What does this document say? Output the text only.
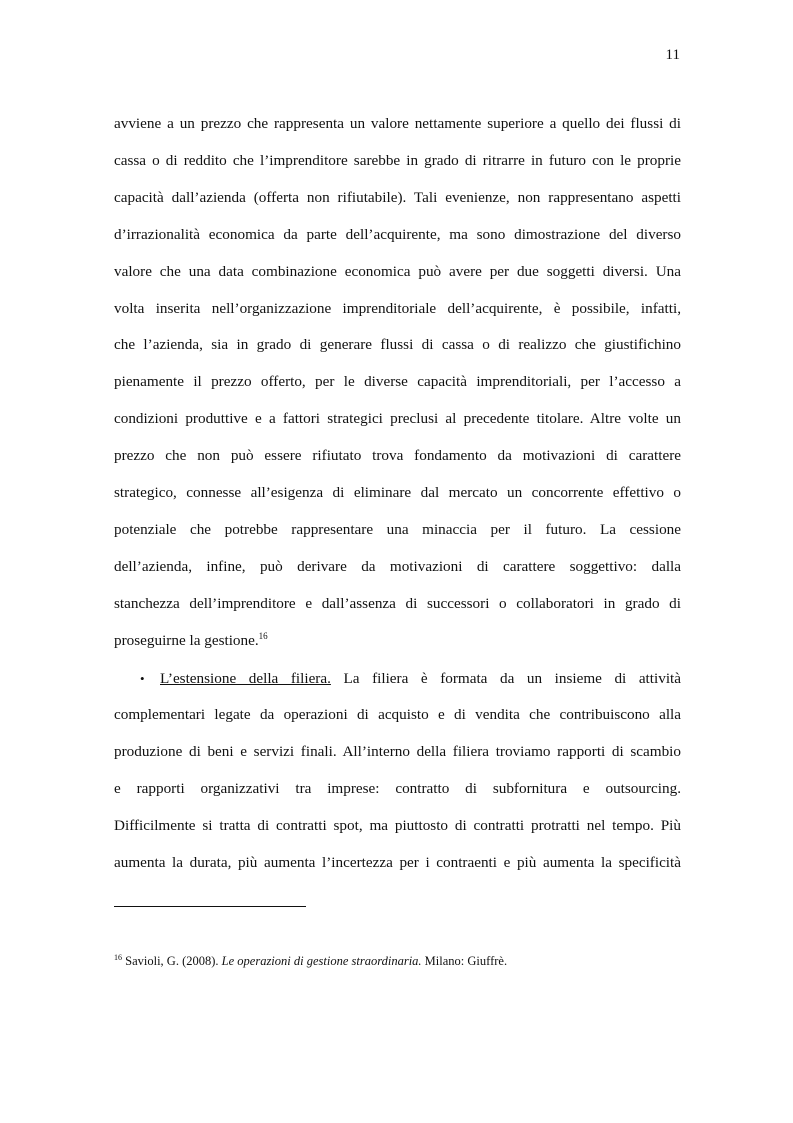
11
avviene a un prezzo che rappresenta un valore nettamente superiore a quello dei flussi di
cassa o di reddito che l’imprenditore sarebbe in grado di ritrarre in futuro con le proprie
capacità dall’azienda (offerta non rifiutabile). Tali evenienze, non rappresentano aspetti
d’irrazionalità economica da parte dell’acquirente, ma sono dimostrazione del diverso
valore che una data combinazione economica può avere per due soggetti diversi. Una
volta inserita nell’organizzazione imprenditoriale dell’acquirente, è possibile, infatti,
che l’azienda, sia in grado di generare flussi di cassa o di realizzo che giustifichino
pienamente il prezzo offerto, per le diverse capacità imprenditoriali, per l’accesso a
condizioni produttive e a fattori strategici preclusi al precedente titolare. Altre volte un
prezzo che non può essere rifiutato trova fondamento da motivazioni di carattere
strategico, connesse all’esigenza di eliminare dal mercato un concorrente effettivo o
potenziale che potrebbe rappresentare una minaccia per il futuro. La cessione
dell’azienda, infine, può derivare da motivazioni di carattere soggettivo: dalla
stanchezza dell’imprenditore e dall’assenza di successori o collaboratori in grado di
proseguirne la gestione.$^{16}$
• L’estensione della filiera. La filiera è formata da un insieme di attività
complementari legate da operazioni di acquisto e di vendita che contribuiscono alla
produzione di beni e servizi finali. All’interno della filiera troviamo rapporti di scambio
e rapporti organizzativi tra imprese: contratto di subfornitura e outsourcing.
Difficilmente si tratta di contratti spot, ma piuttosto di contratti protratti nel tempo. Più
aumenta la durata, più aumenta l’incertezza per i contraenti e più aumenta la specificità
$^{16}$ Savioli, G. (2008). Le operazioni di gestione straordinaria. Milano: Giuffrè.
